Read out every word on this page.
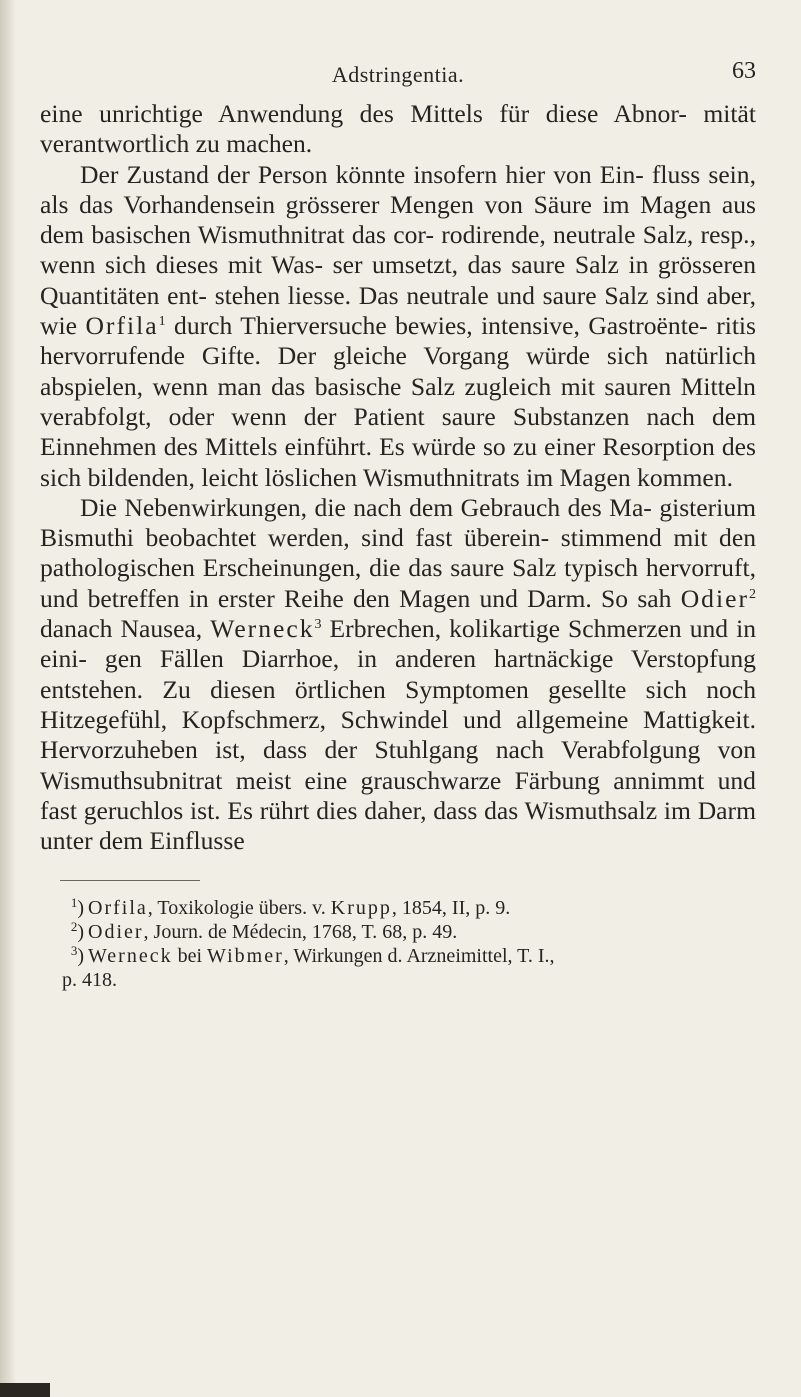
Adstringentia.	63

eine unrichtige Anwendung des Mittels für diese Abnor- mität verantwortlich zu machen.

Der Zustand der Person könnte insofern hier von Ein- fluss sein, als das Vorhandensein grösserer Mengen von Säure im Magen aus dem basischen Wismuthnitrat das cor- rodirende, neutrale Salz, resp., wenn sich dieses mit Was- ser umsetzt, das saure Salz in grösseren Quantitäten ent- stehen liesse. Das neutrale und saure Salz sind aber, wie Orfila$^1$ durch Thierversuche bewies, intensive, Gastroënte- ritis hervorrufende Gifte. Der gleiche Vorgang würde sich natürlich abspielen, wenn man das basische Salz zugleich mit sauren Mitteln verabfolgt, oder wenn der Patient saure Substanzen nach dem Einnehmen des Mittels einführt. Es würde so zu einer Resorption des sich bildenden, leicht löslichen Wismuthnitrats im Magen kommen.

Die Nebenwirkungen, die nach dem Gebrauch des Ma- gisterium Bismuthi beobachtet werden, sind fast überein- stimmend mit den pathologischen Erscheinungen, die das saure Salz typisch hervorruft, und betreffen in erster Reihe den Magen und Darm. So sah Odier$^2$ danach Nausea, Werneck$^3$ Erbrechen, kolikartige Schmerzen und in eini- gen Fällen Diarrhoe, in anderen hartnäckige Verstopfung entstehen. Zu diesen örtlichen Symptomen gesellte sich noch Hitzegefühl, Kopfschmerz, Schwindel und allgemeine Mattigkeit. Hervorzuheben ist, dass der Stuhlgang nach Verabfolgung von Wismuthsubnitrat meist eine grauschwarze Färbung annimmt und fast geruchlos ist. Es rührt dies daher, dass das Wismuthsalz im Darm unter dem Einflusse

$^1$) Orfila, Toxikologie übers. v. Krupp, 1854, II, p. 9.
$^2$) Odier, Journ. de Médecin, 1768, T. 68, p. 49.
$^3$) Werneck bei Wibmer, Wirkungen d. Arzneimittel, T. I.,
p. 418.
